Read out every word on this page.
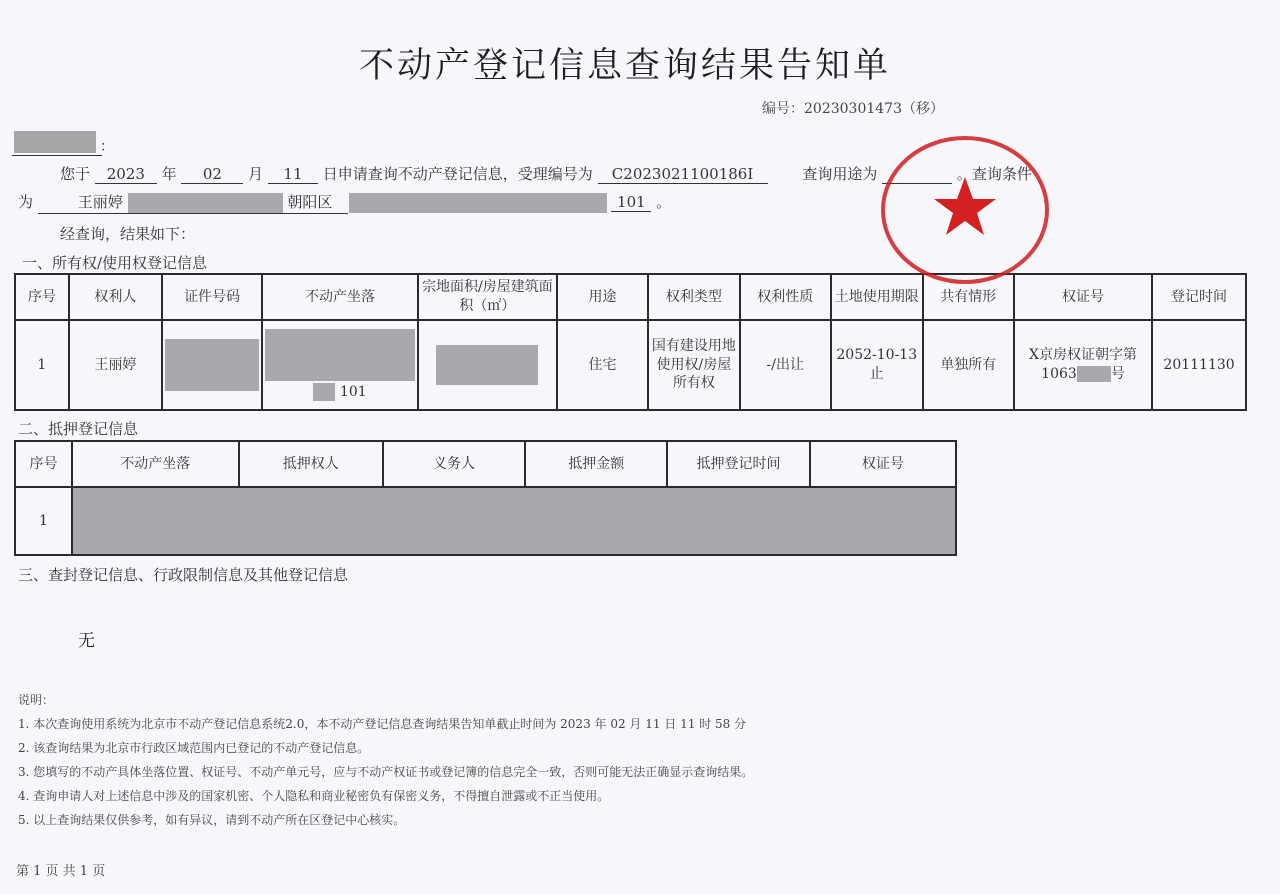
不动产登记信息查询结果告知单
编号：20230301473（移）
：
您于 2023 年 02 月 11 日申请查询不动产登记信息，受理编号为 C2023021100186I	查询用途为	。查询条件
为	王丽婷	朝阳区	101 。
经查询，结果如下：
一、所有权/使用权登记信息
序号	权利人	证件号码	不动产坐落	宗地面积/房屋建筑面积（㎡）	用途	权利类型	权利性质	土地使用期限	共有情形	权证号	登记时间
1	王丽婷		101		住宅	国有建设用地使用权/房屋所有权	-/出让	2052-10-13 止	单独所有	X京房权证朝字第1063 号	20111130
二、抵押登记信息
序号	不动产坐落	抵押权人	义务人	抵押金额	抵押登记时间	权证号
1						
三、查封登记信息、行政限制信息及其他登记信息
无
说明：
1. 本次查询使用系统为北京市不动产登记信息系统2.0，本不动产登记信息查询结果告知单截止时间为 2023 年 02 月 11 日 11 时 58 分
2. 该查询结果为北京市行政区域范围内已登记的不动产登记信息。
3. 您填写的不动产具体坐落位置、权证号、不动产单元号，应与不动产权证书或登记簿的信息完全一致，否则可能无法正确显示查询结果。
4. 查询申请人对上述信息中涉及的国家机密、个人隐私和商业秘密负有保密义务，不得擅自泄露或不正当使用。
5. 以上查询结果仅供参考，如有异议，请到不动产所在区登记中心核实。
第 1 页 共 1 页
